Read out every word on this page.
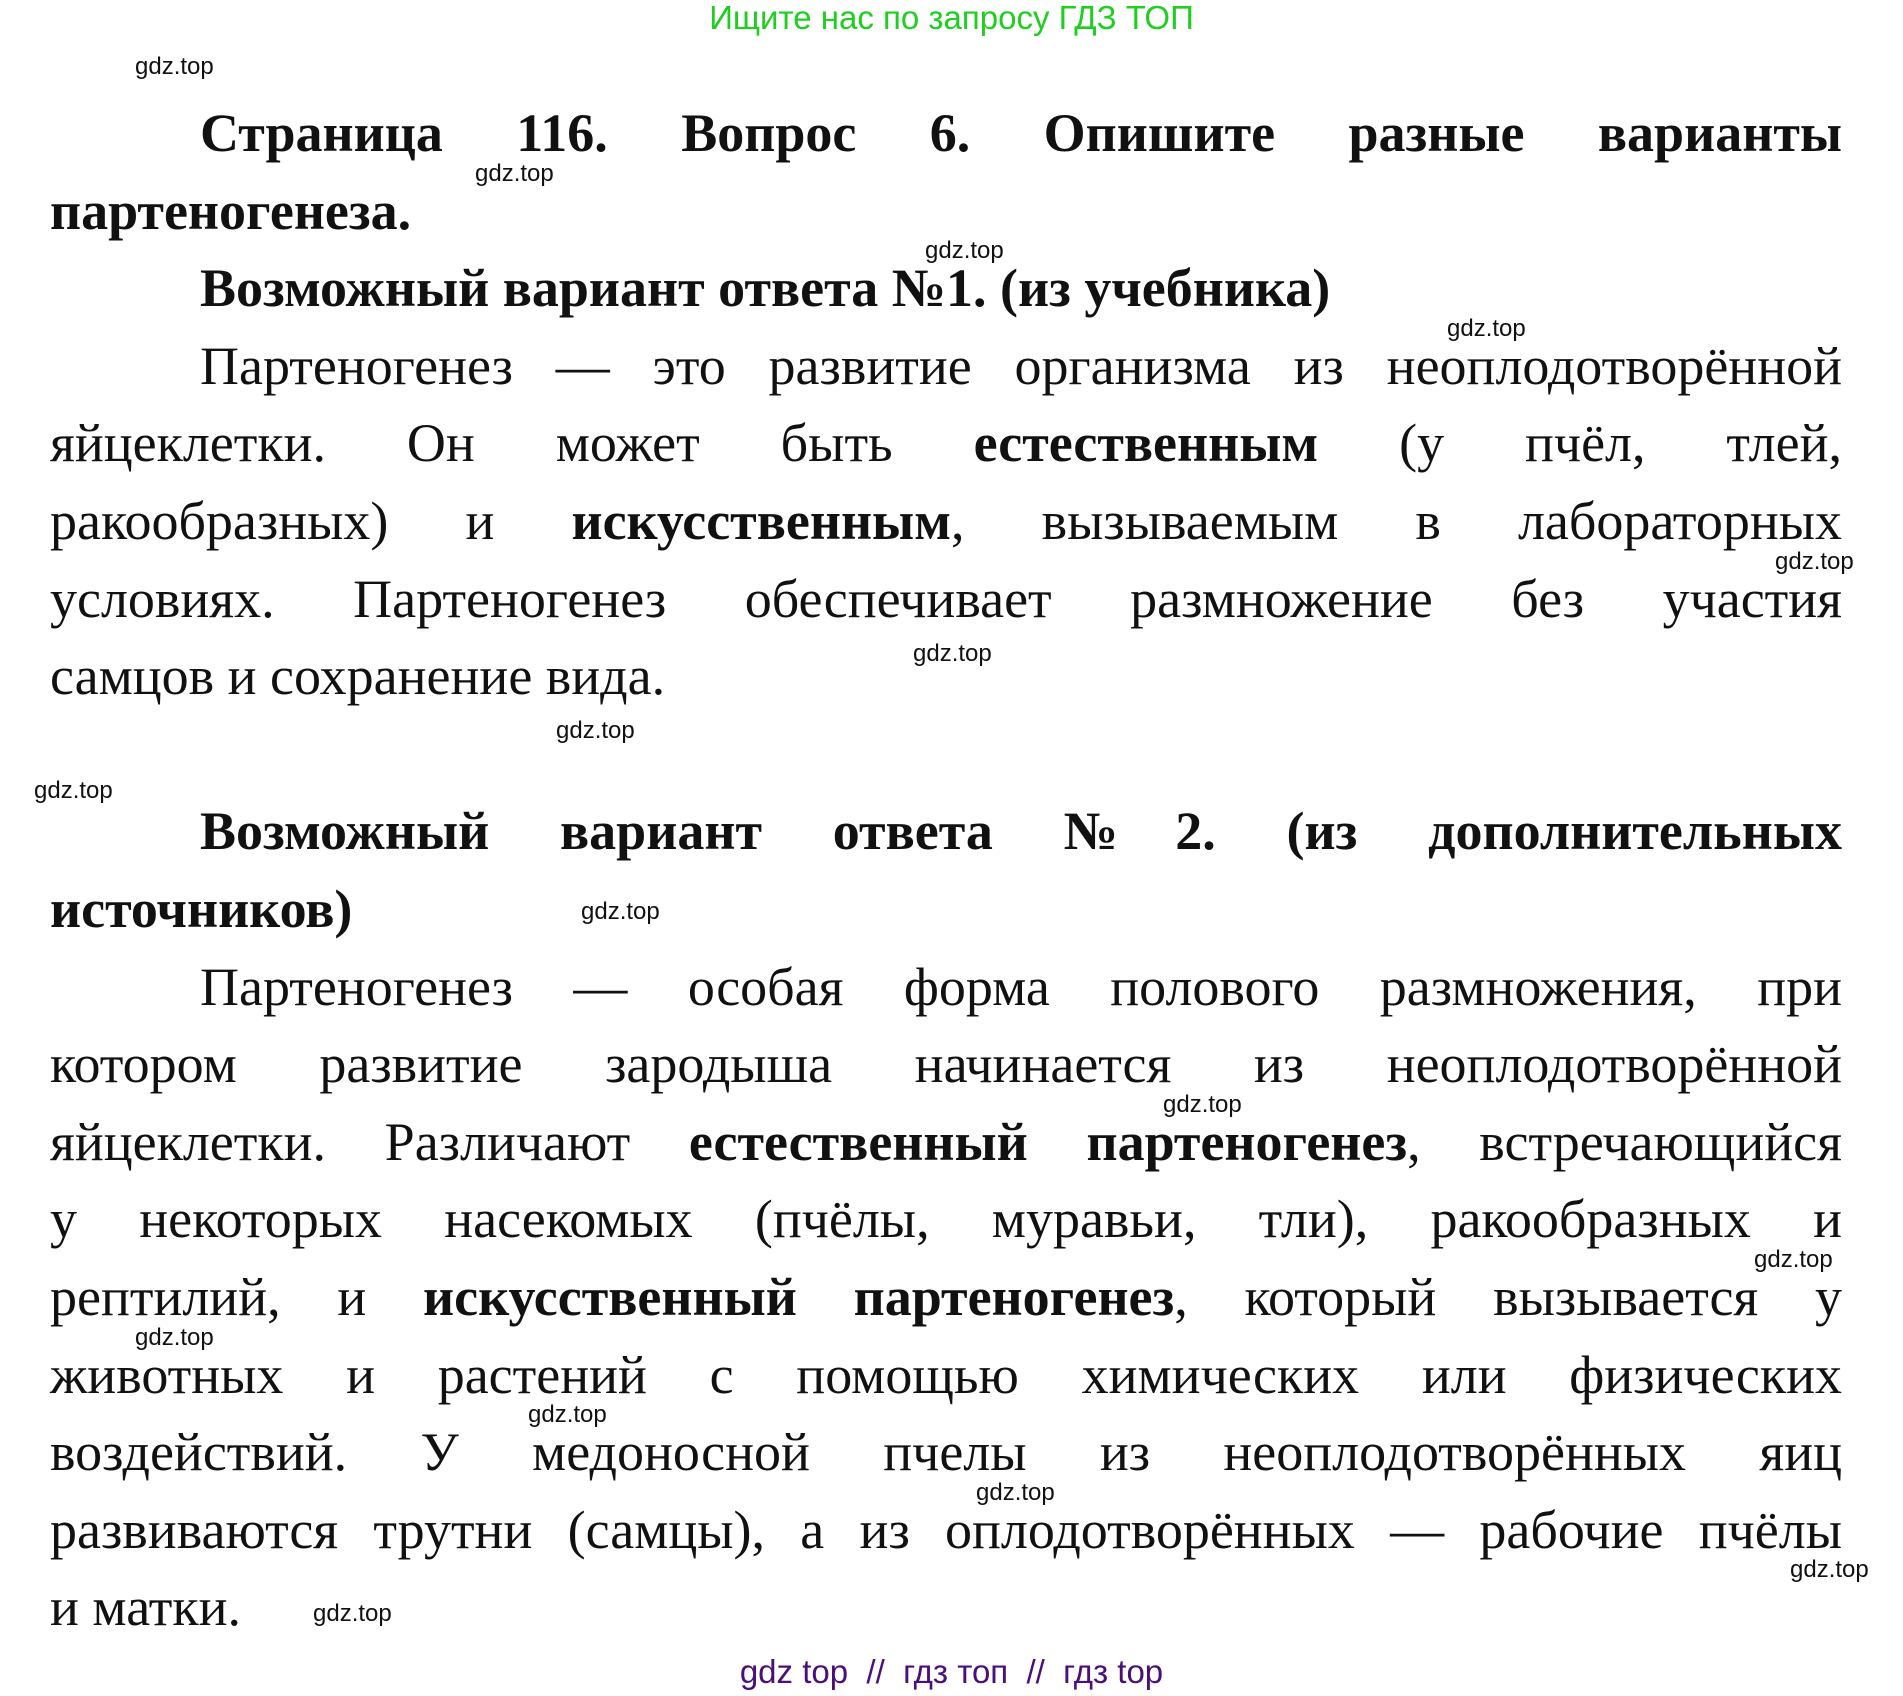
Ищите нас по запросу ГДЗ ТОП
Страница 116. Вопрос 6. Опишите разные варианты
партеногенеза.
Возможный вариант ответа №1. (из учебника)
Партеногенез — это развитие организма из неоплодотворённой
яйцеклетки. Он может быть естественным (у пчёл, тлей,
ракообразных) и искусственным, вызываемым в лабораторных
условиях. Партеногенез обеспечивает размножение без участия
самцов и сохранение вида.
Возможный вариант ответа №2. (из дополнительных
источников)
Партеногенез — особая форма полового размножения, при
котором развитие зародыша начинается из неоплодотворённой
яйцеклетки. Различают естественный партеногенез, встречающийся
у некоторых насекомых (пчёлы, муравьи, тли), ракообразных и
рептилий, и искусственный партеногенез, который вызывается у
животных и растений с помощью химических или физических
воздействий. У медоносной пчелы из неоплодотворённых яиц
развиваются трутни (самцы), а из оплодотворённых — рабочие пчёлы
и матки.
gdz.top
gdz.top
gdz.top
gdz.top
gdz.top
gdz.top
gdz.top
gdz.top
gdz.top
gdz.top
gdz.top
gdz.top
gdz.top
gdz.top
gdz.top
gdz.top
gdz top  //  гдз топ  //  гдз top
